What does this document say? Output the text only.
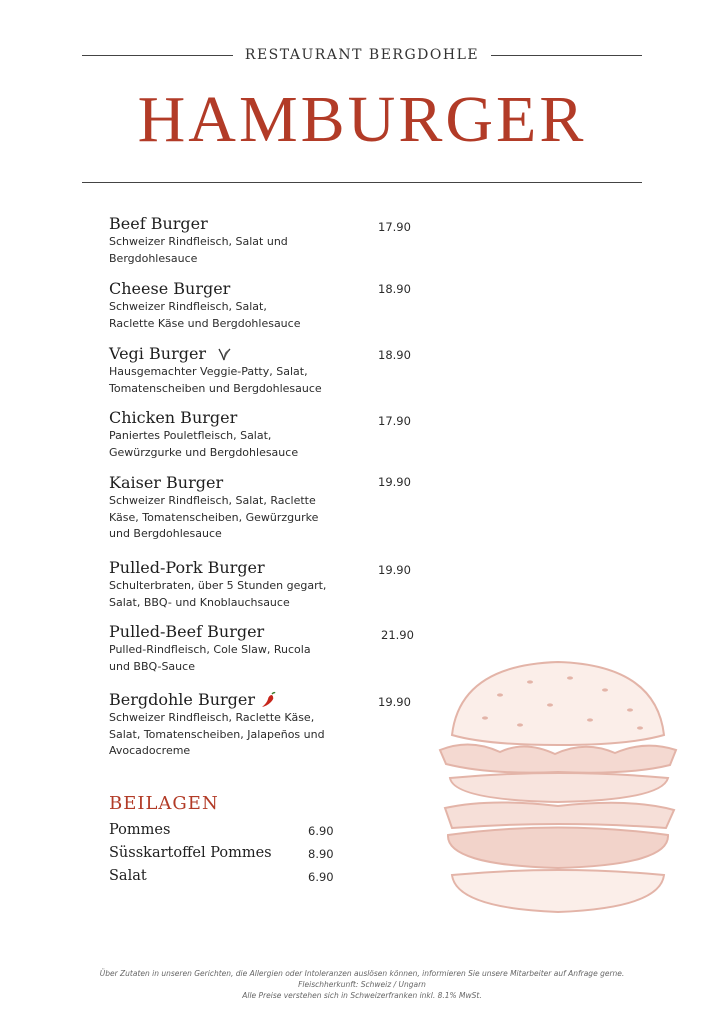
RESTAURANT BERGDOHLE
HAMBURGER
Beef Burger
Schweizer Rindfleisch, Salat und
Bergdohlesauce
17.90
Cheese Burger
Schweizer Rindfleisch, Salat,
Raclette Käse und Bergdohlesauce
18.90
Vegi Burger
Hausgemachter Veggie-Patty, Salat,
Tomatenscheiben und Bergdohlesauce
18.90
Chicken Burger
Paniertes Pouletfleisch, Salat,
Gewürzgurke und Bergdohlesauce
17.90
Kaiser Burger
Schweizer Rindfleisch, Salat, Raclette
Käse, Tomatenscheiben, Gewürzgurke
und Bergdohlesauce
19.90
Pulled-Pork Burger
Schulterbraten, über 5 Stunden gegart,
Salat, BBQ- und Knoblauchsauce
19.90
Pulled-Beef Burger
Pulled-Rindfleisch, Cole Slaw, Rucola
und BBQ-Sauce
21.90
Bergdohle Burger
Schweizer Rindfleisch, Raclette Käse,
Salat, Tomatenscheiben, Jalapeños und
Avocadocreme
19.90
BEILAGEN
Pommes	6.90
Süsskartoffel Pommes	8.90
Salat	6.90
Über Zutaten in unseren Gerichten, die Allergien oder Intoleranzen auslösen können, informieren Sie unsere Mitarbeiter auf Anfrage gerne.
Fleischherkunft: Schweiz / Ungarn
Alle Preise verstehen sich in Schweizerfranken inkl. 8.1% MwSt.
